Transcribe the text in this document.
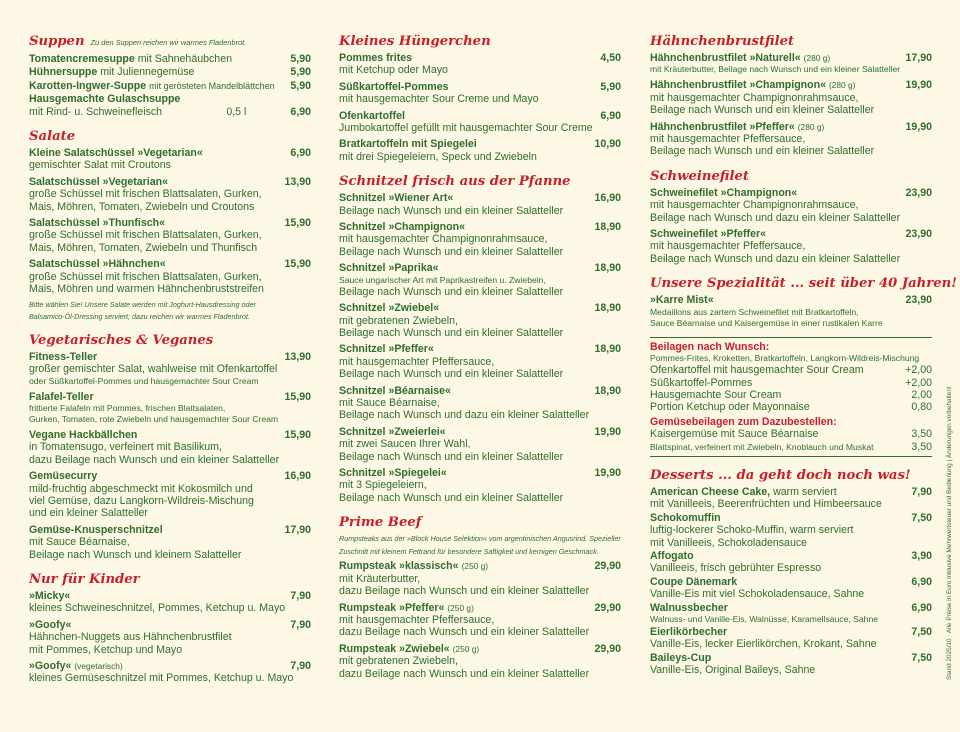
Suppen Zu den Suppen reichen wir warmes Fladenbrot.
Tomatencremesuppe mit Sahnehäubchen	5,90
Hühnersuppe mit Juliennegemüse	5,90
Karotten-Ingwer-Suppe mit gerösteten Mandelblättchen 5,90
Hausgemachte Gulaschsuppe
mit Rind- u. Schweinefleisch	0,5 l	6,90
Salate
Kleine Salatschüssel »Vegetarian«	6,90
gemischter Salat mit Croutons
Salatschüssel »Vegetarian«	13,90
große Schüssel mit frischen Blattsalaten, Gurken,
Mais, Möhren, Tomaten, Zwiebeln und Croutons
Salatschüssel »Thunfisch«	15,90
große Schüssel mit frischen Blattsalaten, Gurken,
Mais, Möhren, Tomaten, Zwiebeln und Thunfisch
Salatschüssel »Hähnchen«	15,90
große Schüssel mit frischen Blattsalaten, Gurken,
Mais, Möhren und warmen Hähnchenbruststreifen
Bitte wählen Sie! Unsere Salate werden mit Joghurt-Hausdressing oder
Balsamico-Öl-Dressing serviert; dazu reichen wir warmes Fladenbrot.
Vegetarisches & Veganes
Fitness-Teller	13,90
großer gemischter Salat, wahlweise mit Ofenkartoffel
oder Süßkartoffel-Pommes und hausgemachter Sour Cream
Falafel-Teller	15,90
frittierte Falafeln mit Pommes, frischen Blattsalaten,
Gurken, Tomaten, rote Zwiebeln und hausgemachter Sour Cream
Vegane Hackbällchen	15,90
in Tomatensugo, verfeinert mit Basilikum,
dazu Beilage nach Wunsch und ein kleiner Salatteller
Gemüsecurry	16,90
mild-fruchtig abgeschmeckt mit Kokosmilch und
viel Gemüse, dazu Langkorn-Wildreis-Mischung
und ein kleiner Salatteller
Gemüse-Knusperschnitzel	17,90
mit Sauce Béarnaise,
Beilage nach Wunsch und kleinem Salatteller
Nur für Kinder
»Micky«	7,90
kleines Schweineschnitzel, Pommes, Ketchup u. Mayo
»Goofy«	7,90
Hähnchen-Nuggets aus Hähnchenbrustfilet
mit Pommes, Ketchup und Mayo
»Goofy« (vegetarisch)	7,90
kleines Gemüseschnitzel mit Pommes, Ketchup u. Mayo
Kleines Hüngerchen
Pommes frites	4,50
mit Ketchup oder Mayo
Süßkartoffel-Pommes	5,90
mit hausgemachter Sour Creme und Mayo
Ofenkartoffel	6,90
Jumbokartoffel gefüllt mit hausgemachter Sour Creme
Bratkartoffeln mit Spiegelei	10,90
mit drei Spiegeleiern, Speck und Zwiebeln
Schnitzel frisch aus der Pfanne
Schnitzel »Wiener Art«	16,90
Beilage nach Wunsch und ein kleiner Salatteller
Schnitzel »Champignon«	18,90
mit hausgemachter Champignonrahmsauce,
Beilage nach Wunsch und ein kleiner Salatteller
Schnitzel »Paprika«	18,90
Sauce ungarischer Art mit Paprikastreifen u. Zwiebeln,
Beilage nach Wunsch und ein kleiner Salatteller
Schnitzel »Zwiebel«	18,90
mit gebratenen Zwiebeln,
Beilage nach Wunsch und ein kleiner Salatteller
Schnitzel »Pfeffer«	18,90
mit hausgemachter Pfeffersauce,
Beilage nach Wunsch und ein kleiner Salatteller
Schnitzel »Béarnaise«	18,90
mit Sauce Béarnaise,
Beilage nach Wunsch und dazu ein kleiner Salatteller
Schnitzel »Zweierlei«	19,90
mit zwei Saucen Ihrer Wahl,
Beilage nach Wunsch und ein kleiner Salatteller
Schnitzel »Spiegelei«	19,90
mit 3 Spiegeleiern,
Beilage nach Wunsch und ein kleiner Salatteller
Prime Beef
Rumpsteaks aus der »Block House Selektion« vom argentinischen Angusrind. Spezieller
Zuschnitt mit kleinem Fettrand für besondere Saftigkeit und kernigen Geschmack.
Rumpsteak »klassisch« (250 g)	29,90
mit Kräuterbutter,
dazu Beilage nach Wunsch und ein kleiner Salatteller
Rumpsteak »Pfeffer« (250 g)	29,90
mit hausgemachter Pfeffersauce,
dazu Beilage nach Wunsch und ein kleiner Salatteller
Rumpsteak »Zwiebel« (250 g)	29,90
mit gebratenen Zwiebeln,
dazu Beilage nach Wunsch und ein kleiner Salatteller
Hähnchenbrustfilet
Hähnchenbrustfilet »Naturell« (280 g)	17,90
mit Kräuterbutter, Beilage nach Wunsch und ein kleiner Salatteller
Hähnchenbrustfilet »Champignon« (280 g)	19,90
mit hausgemachter Champignonrahmsauce,
Beilage nach Wunsch und ein kleiner Salatteller
Hähnchenbrustfilet »Pfeffer« (280 g)	19,90
mit hausgemachter Pfeffersauce,
Beilage nach Wunsch und ein kleiner Salatteller
Schweinefilet
Schweinefilet »Champignon«	23,90
mit hausgemachter Champignonrahmsauce,
Beilage nach Wunsch und dazu ein kleiner Salatteller
Schweinefilet »Pfeffer«	23,90
mit hausgemachter Pfeffersauce,
Beilage nach Wunsch und dazu ein kleiner Salatteller
Unsere Spezialität ... seit über 40 Jahren!
»Karre Mist«	23,90
Medaillons aus zartem Schweinefilet mit Bratkartoffeln,
Sauce Béarnaise und Kaisergemüse in einer rustikalen Karre
Beilagen nach Wunsch:
Pommes-Frites, Kroketten, Bratkartoffeln, Langkorn-Wildreis-Mischung
Ofenkartoffel mit hausgemachter Sour Cream	+2,00
Süßkartoffel-Pommes	+2,00
Hausgemachte Sour Cream	2,00
Portion Ketchup oder Mayonnaise	0,80
Gemüsebeilagen zum Dazubestellen:
Kaisergemüse mit Sauce Béarnaise	3,50
Blattspinat, verfeinert mit Zwiebeln, Knoblauch und Muskat	3,50
Desserts ... da geht doch noch was!
American Cheese Cake, warm serviert	7,90
mit Vanilleeis, Beerenfrüchten und Himbeersauce
Schokomuffin	7,50
luftig-lockerer Schoko-Muffin, warm serviert
mit Vanilleeis, Schokoladensauce
Affogato	3,90
Vanilleeis, frisch gebrühter Espresso
Coupe Dänemark	6,90
Vanille-Eis mit viel Schokoladensauce, Sahne
Walnussbecher	6,90
Walnuss- und Vanille-Eis, Walnüsse, Karamellsauce, Sahne
Eierlikörbecher	7,50
Vanille-Eis, lecker Eierlikörchen, Krokant, Sahne
Baileys-Cup	7,50
Vanille-Eis, Original Baileys, Sahne	Stand 2025/10 · Alle Preise in Euro inklusive Mehrwertsteuer und Bedienung | Änderungen vorbehalten!
